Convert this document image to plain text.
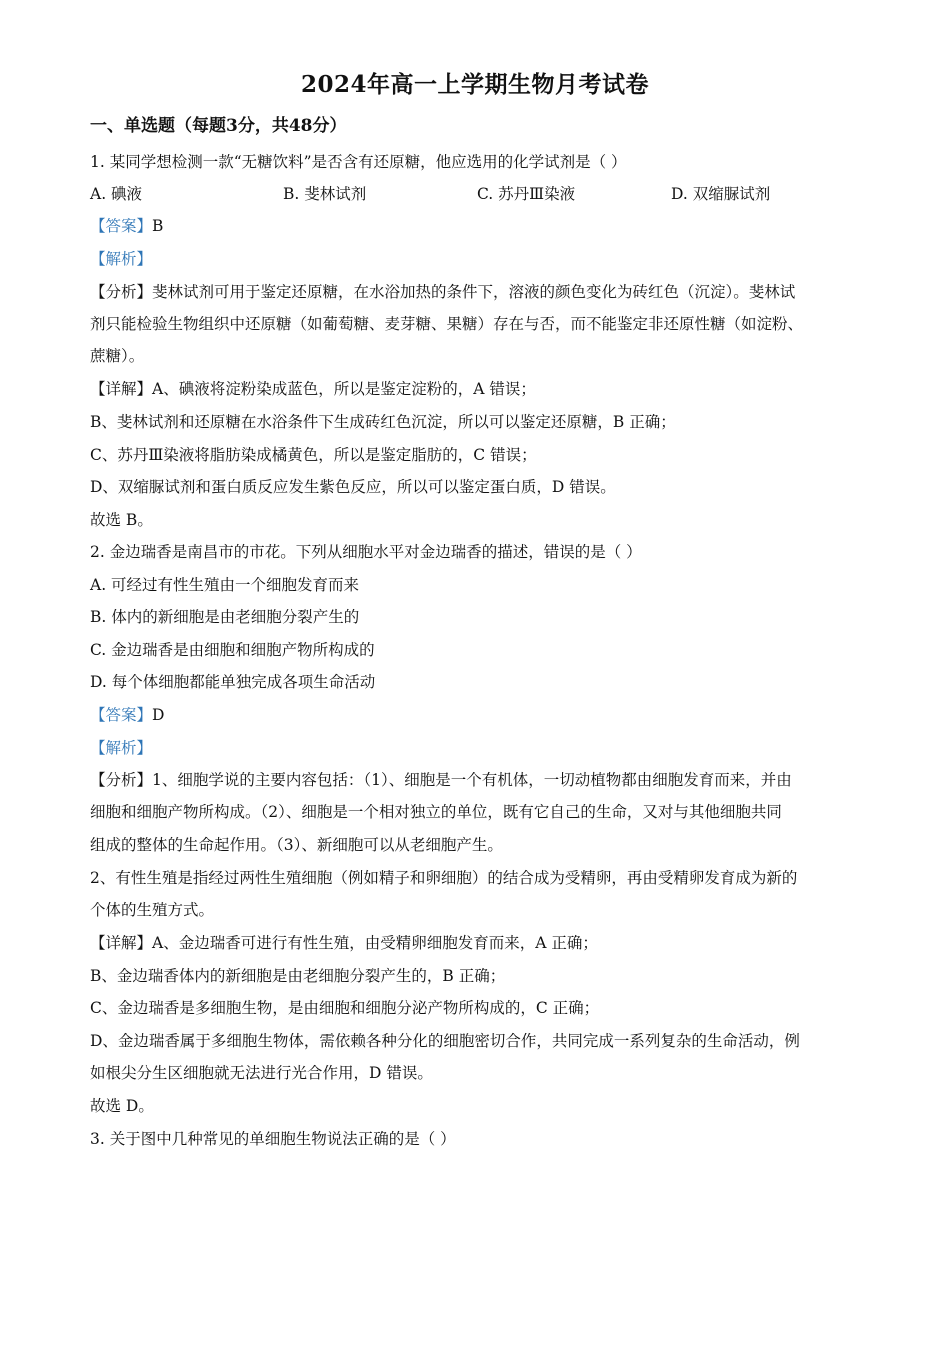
2024年高一上学期生物月考试卷
一、单选题（每题3分，共48分）
1. 某同学想检测一款“无糖饮料”是否含有还原糖，他应选用的化学试剂是（ ）
A. 碘液	B. 斐林试剂	C. 苏丹Ⅲ染液	D. 双缩脲试剂
【答案】B
【解析】
【分析】斐林试剂可用于鉴定还原糖，在水浴加热的条件下，溶液的颜色变化为砖红色（沉淀）。斐林试
剂只能检验生物组织中还原糖（如葡萄糖、麦芽糖、果糖）存在与否，而不能鉴定非还原性糖（如淀粉、
蔗糖）。
【详解】A、碘液将淀粉染成蓝色，所以是鉴定淀粉的，A 错误；
B、斐林试剂和还原糖在水浴条件下生成砖红色沉淀，所以可以鉴定还原糖，B 正确；
C、苏丹Ⅲ染液将脂肪染成橘黄色，所以是鉴定脂肪的，C 错误；
D、双缩脲试剂和蛋白质反应发生紫色反应，所以可以鉴定蛋白质，D 错误。
故选 B。
2. 金边瑞香是南昌市的市花。下列从细胞水平对金边瑞香的描述，错误的是（ ）
A. 可经过有性生殖由一个细胞发育而来
B. 体内的新细胞是由老细胞分裂产生的
C. 金边瑞香是由细胞和细胞产物所构成的
D. 每个体细胞都能单独完成各项生命活动
【答案】D
【解析】
【分析】1、细胞学说的主要内容包括：（1）、细胞是一个有机体，一切动植物都由细胞发育而来，并由
细胞和细胞产物所构成。（2）、细胞是一个相对独立的单位，既有它自己的生命，又对与其他细胞共同
组成的整体的生命起作用。（3）、新细胞可以从老细胞产生。
2、有性生殖是指经过两性生殖细胞（例如精子和卵细胞）的结合成为受精卵，再由受精卵发育成为新的
个体的生殖方式。
【详解】A、金边瑞香可进行有性生殖，由受精卵细胞发育而来，A 正确；
B、金边瑞香体内的新细胞是由老细胞分裂产生的，B 正确；
C、金边瑞香是多细胞生物，是由细胞和细胞分泌产物所构成的，C 正确；
D、金边瑞香属于多细胞生物体，需依赖各种分化的细胞密切合作，共同完成一系列复杂的生命活动，例
如根尖分生区细胞就无法进行光合作用，D 错误。
故选 D。
3. 关于图中几种常见的单细胞生物说法正确的是（ ）
